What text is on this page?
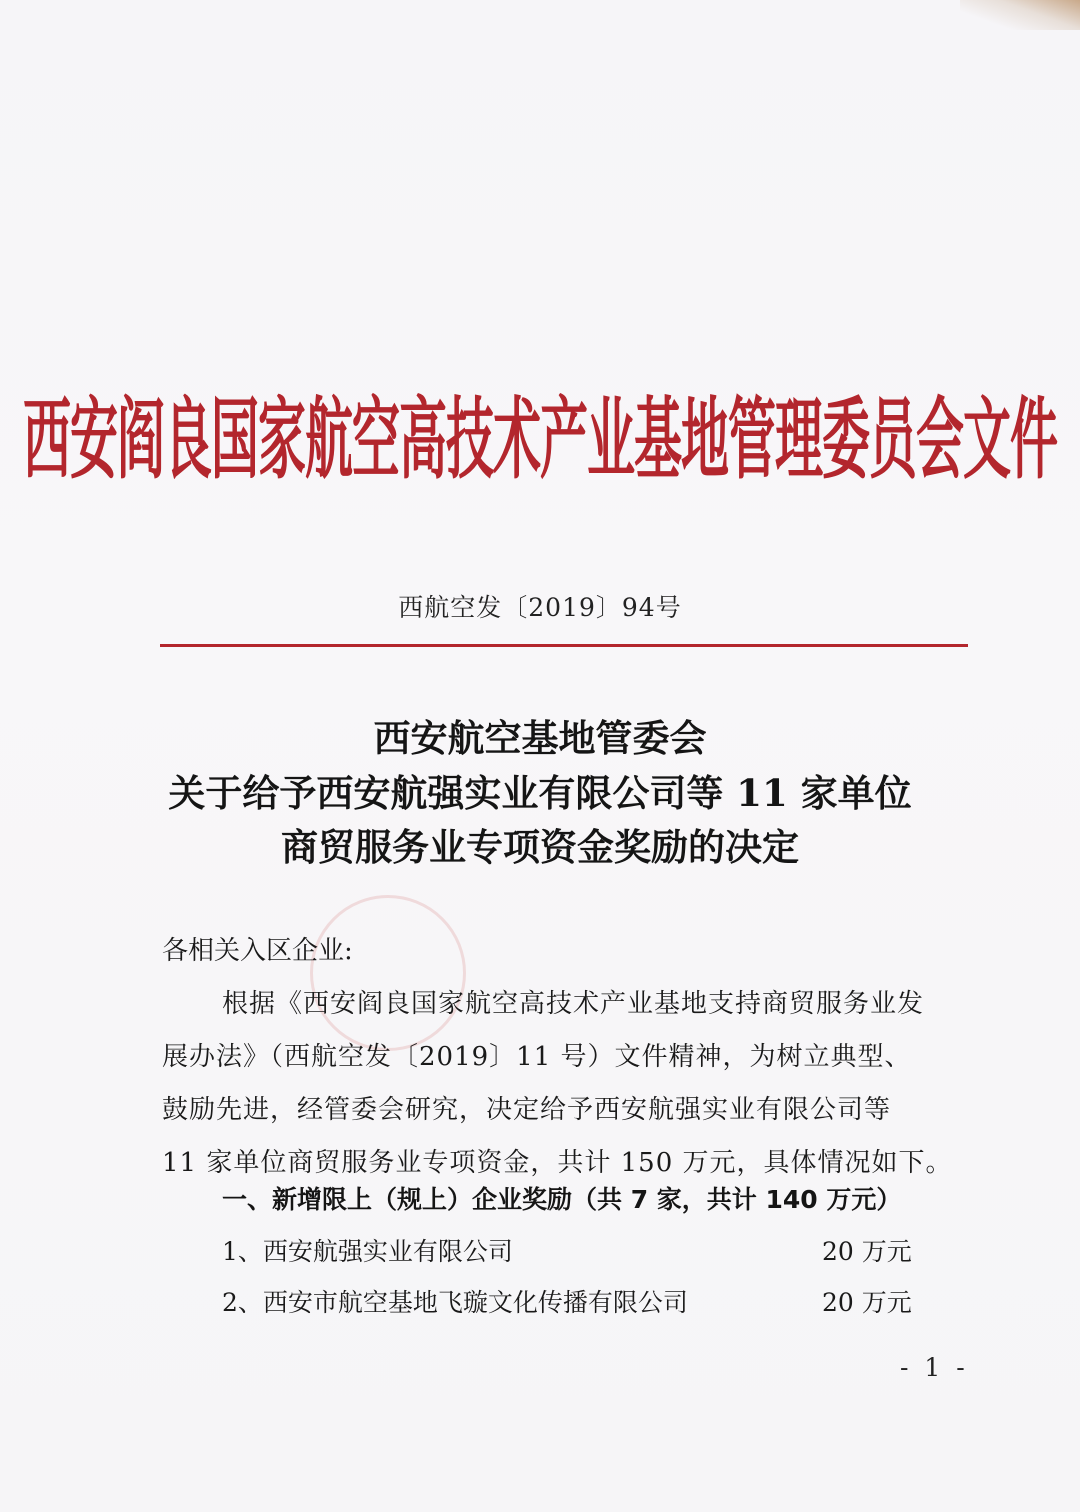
西安阎良国家航空高技术产业基地管理委员会文件
西航空发〔2019〕94号
西安航空基地管委会
关于给予西安航强实业有限公司等 11 家单位
商贸服务业专项资金奖励的决定
各相关入区企业:
根据《西安阎良国家航空高技术产业基地支持商贸服务业发
展办法》（西航空发〔2019〕11 号）文件精神，为树立典型、
鼓励先进，经管委会研究，决定给予西安航强实业有限公司等
11 家单位商贸服务业专项资金，共计 150 万元，具体情况如下。
一、新增限上（规上）企业奖励（共 7 家，共计 140 万元）
1、西安航强实业有限公司	20 万元
2、西安市航空基地飞璇文化传播有限公司	20 万元
- 1 -
